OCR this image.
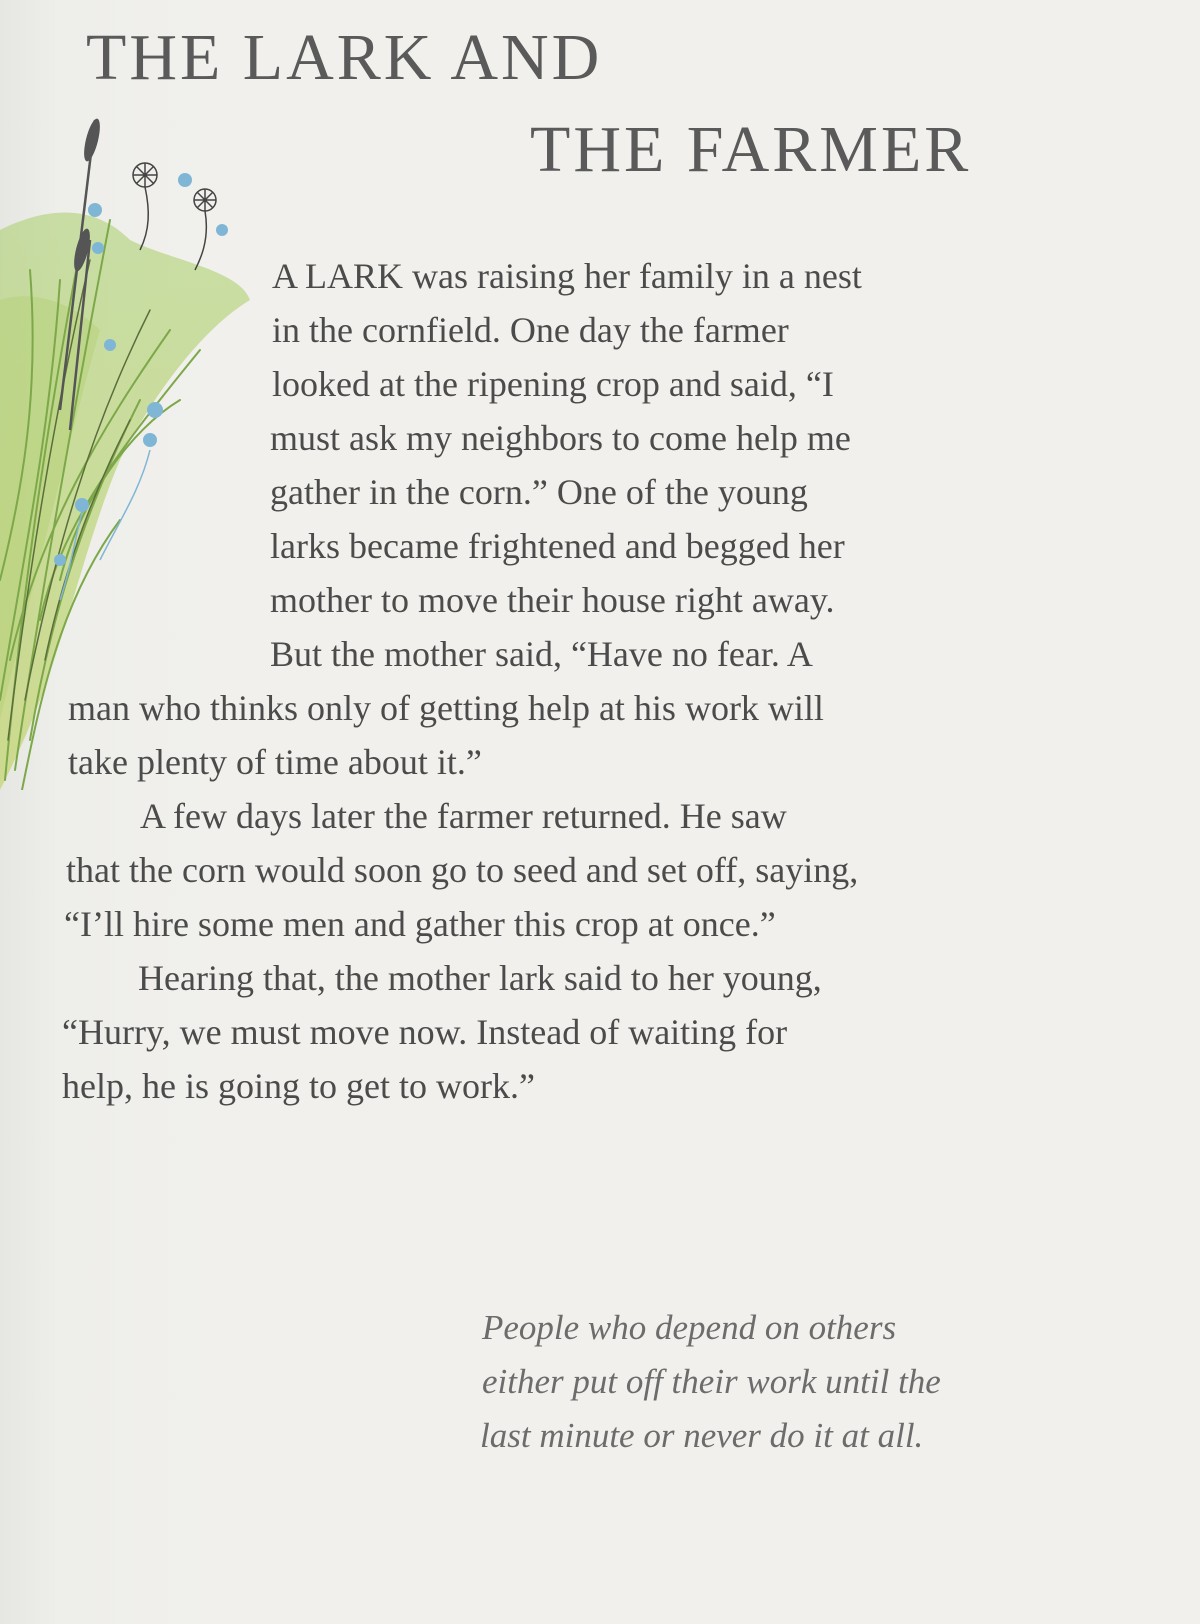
THE LARK AND
THE FARMER

A LARK was raising her family in a nest

in the cornfield. One day the farmer

looked at the ripening crop and said, “I

must ask my neighbors to come help me

gather in the corn.” One of the young

larks became frightened and begged her

mother to move their house right away.

But the mother said, “Have no fear. A

man who thinks only of getting help at his work will

take plenty of time about it.”

A few days later the farmer returned. He saw

that the corn would soon go to seed and set off, saying,

“I’ll hire some men and gather this crop at once.”

Hearing that, the mother lark said to her young,

“Hurry, we must move now. Instead of waiting for

help, he is going to get to work.”

People who depend on others

either put off their work until the

last minute or never do it at all.
